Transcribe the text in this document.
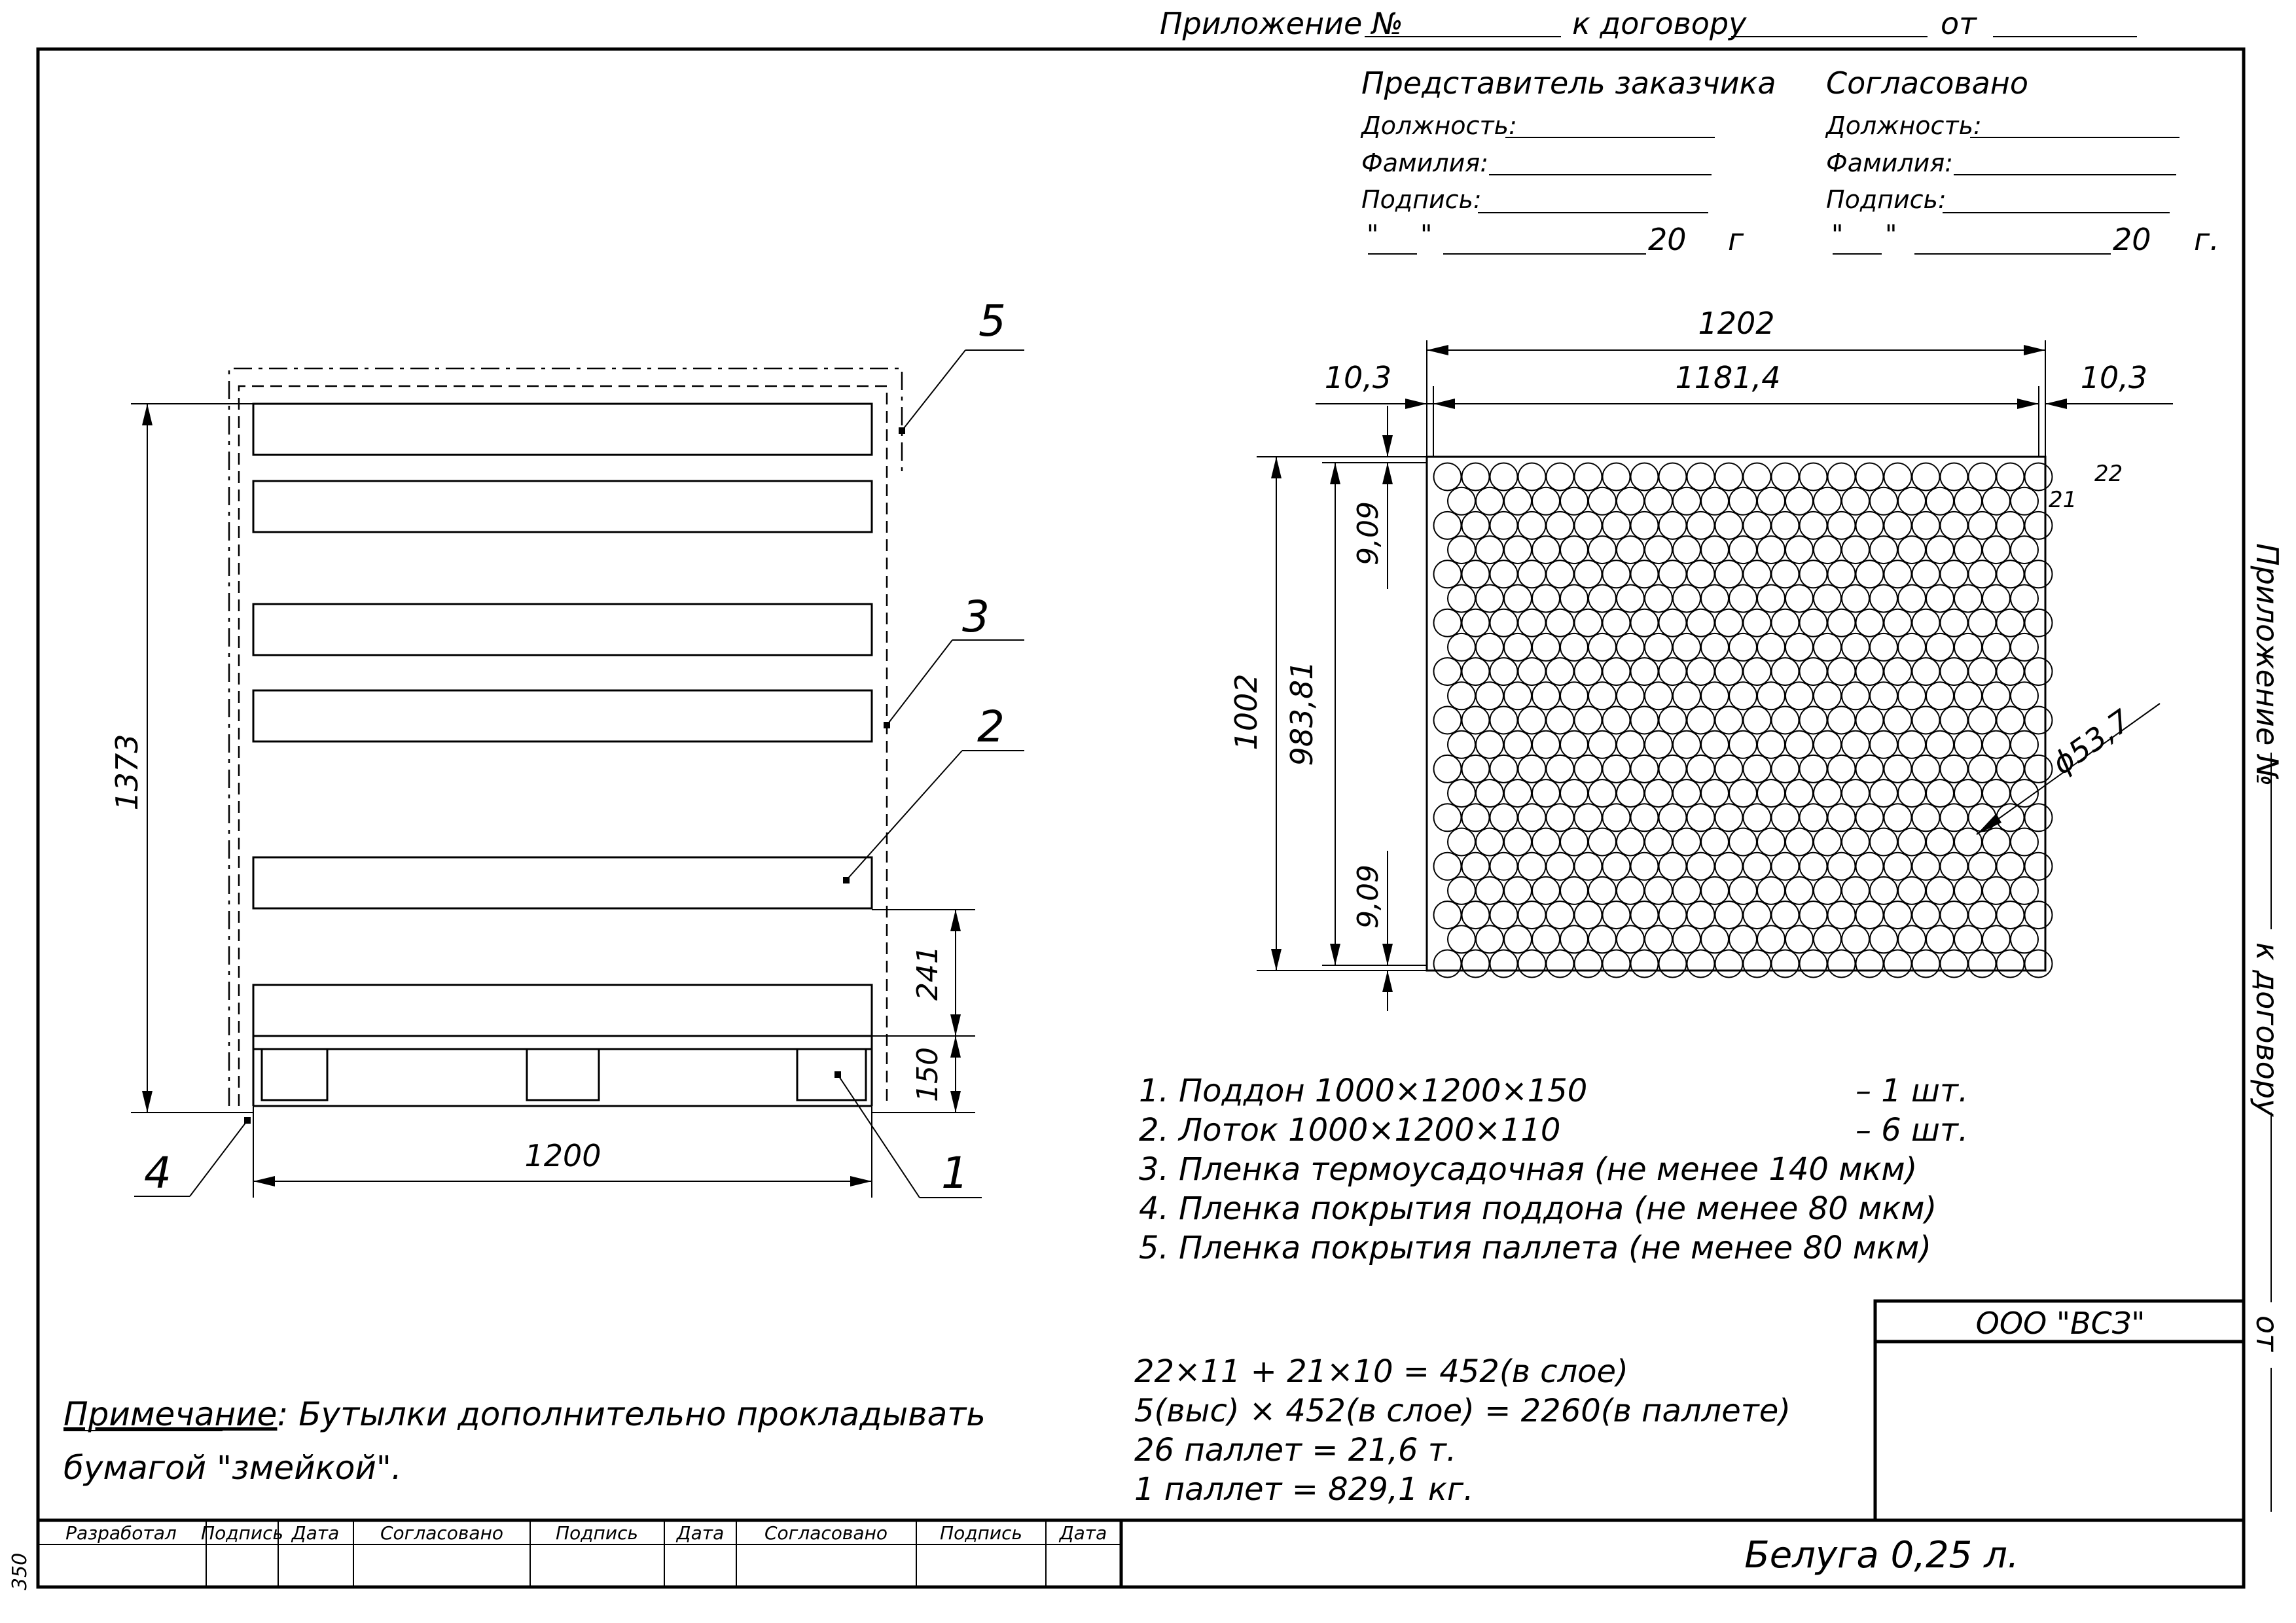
Приложение №	к договору	от
Представитель заказчика
Должность:
Фамилия:
Подпись:
" "	20 г
Согласовано
Должность:
Фамилия:
Подпись:
" "	20 г.
1373
241
150
1200
5
3
2
1
4
1202
1181,4
10,3	10,3
1002 983,81
9,09
9,09
ϕ53,7
22
21
1. Поддон 1000×1200×150	– 1 шт.
2. Лоток 1000×1200×110	– 6 шт.
3. Пленка термоусадочная (не менее 140 мкм)
4. Пленка покрытия поддона (не менее 80 мкм)
5. Пленка покрытия паллета (не менее 80 мкм)
22×11 + 21×10 = 452(в слое)
5(выс) × 452(в слое) = 2260(в паллете)
26 паллет = 21,6 т.
1 паллет = 829,1 кг.
Примечание: Бутылки дополнительно прокладывать
бумагой "змейкой".
ООО "ВСЗ"
Разработал Подпись Дата Согласовано	Подпись Дата Согласовано	Подпись Дата
Белуга 0,25 л.
Приложение №
к договору
от
350
